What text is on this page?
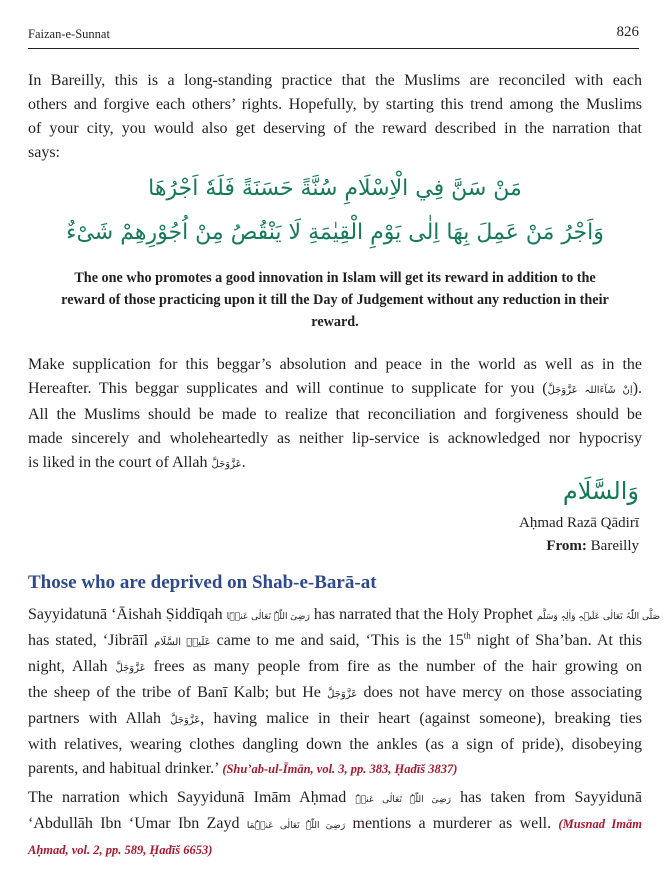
Faizan-e-Sunnat	826

In Bareilly, this is a long-standing practice that the Muslims are reconciled with each
others and forgive each others’ rights. Hopefully, by starting this trend among the Muslims
of your city, you would also get deserving of the reward described in the narration that
says:

مَنْ سَنَّ فِي الْاِسْلَامِ سُنَّةً حَسَنَةً فَلَهٗ اَجْرُهَا
وَاَجْرُ مَنْ عَمِلَ بِهَا اِلٰى يَوْمِ الْقِيٰمَةِ لَا يَنْقُصُ مِنْ اُجُوْرِهِمْ شَیْءٌ
The one who promotes a good innovation in Islam will get its reward in addition to the
reward of those practicing upon it till the Day of Judgement without any reduction in their
reward.

Make supplication for this beggar’s absolution and peace in the world as well as in the
Hereafter. This beggar supplicates and will continue to supplicate for you (اِنْ شَآءَاللہ عَزَّوَجَلَّ).
All the Muslims should be made to realize that reconciliation and forgiveness should be
made sincerely and wholeheartedly as neither lip-service is acknowledged nor hypocrisy
is liked in the court of Allah عَزَّوَجَلَّ.

وَالسَّلَام
Aḥmad Razā Qādirī
From: Bareilly
Those who are deprived on Shab-e-Barā-at

Sayyidatunā ‘Āishah Ṣiddīqah رَضِیَ اللّٰہُ تَعَالٰی عَنۡہَا has narrated that the Holy Prophet صَلَّی اللّٰہُ تَعَالٰی عَلَیۡہِ وَاٰلِہٖ وَسَلَّم
has stated, ‘Jibrāīl عَلَیۡہِ السَّلَام came to me and said, ‘This is the 15th night of Sha’ban. At this
night, Allah عَزَّوَجَلَّ frees as many people from fire as the number of the hair growing on
the sheep of the tribe of Banī Kalb; but He عَزَّوَجَلَّ does not have mercy on those associating
partners with Allah عَزَّوَجَلَّ, having malice in their heart (against someone), breaking ties
with relatives, wearing clothes dangling down the ankles (as a sign of pride), disobeying
parents, and habitual drinker.’ (Shu’ab-ul-Īmān, vol. 3, pp. 383, Ḥadīš 3837)

The narration which Sayyidunā Imām Aḥmad رَضِیَ اللّٰہُ تَعَالٰی عَنۡہُ has taken from Sayyidunā
‘Abdullāh Ibn ‘Umar Ibn Zayd رَضِیَ اللّٰہُ تَعَالٰی عَنۡہُمَا mentions a murderer as well. (Musnad Imām
Aḥmad, vol. 2, pp. 589, Ḥadīš 6653)
